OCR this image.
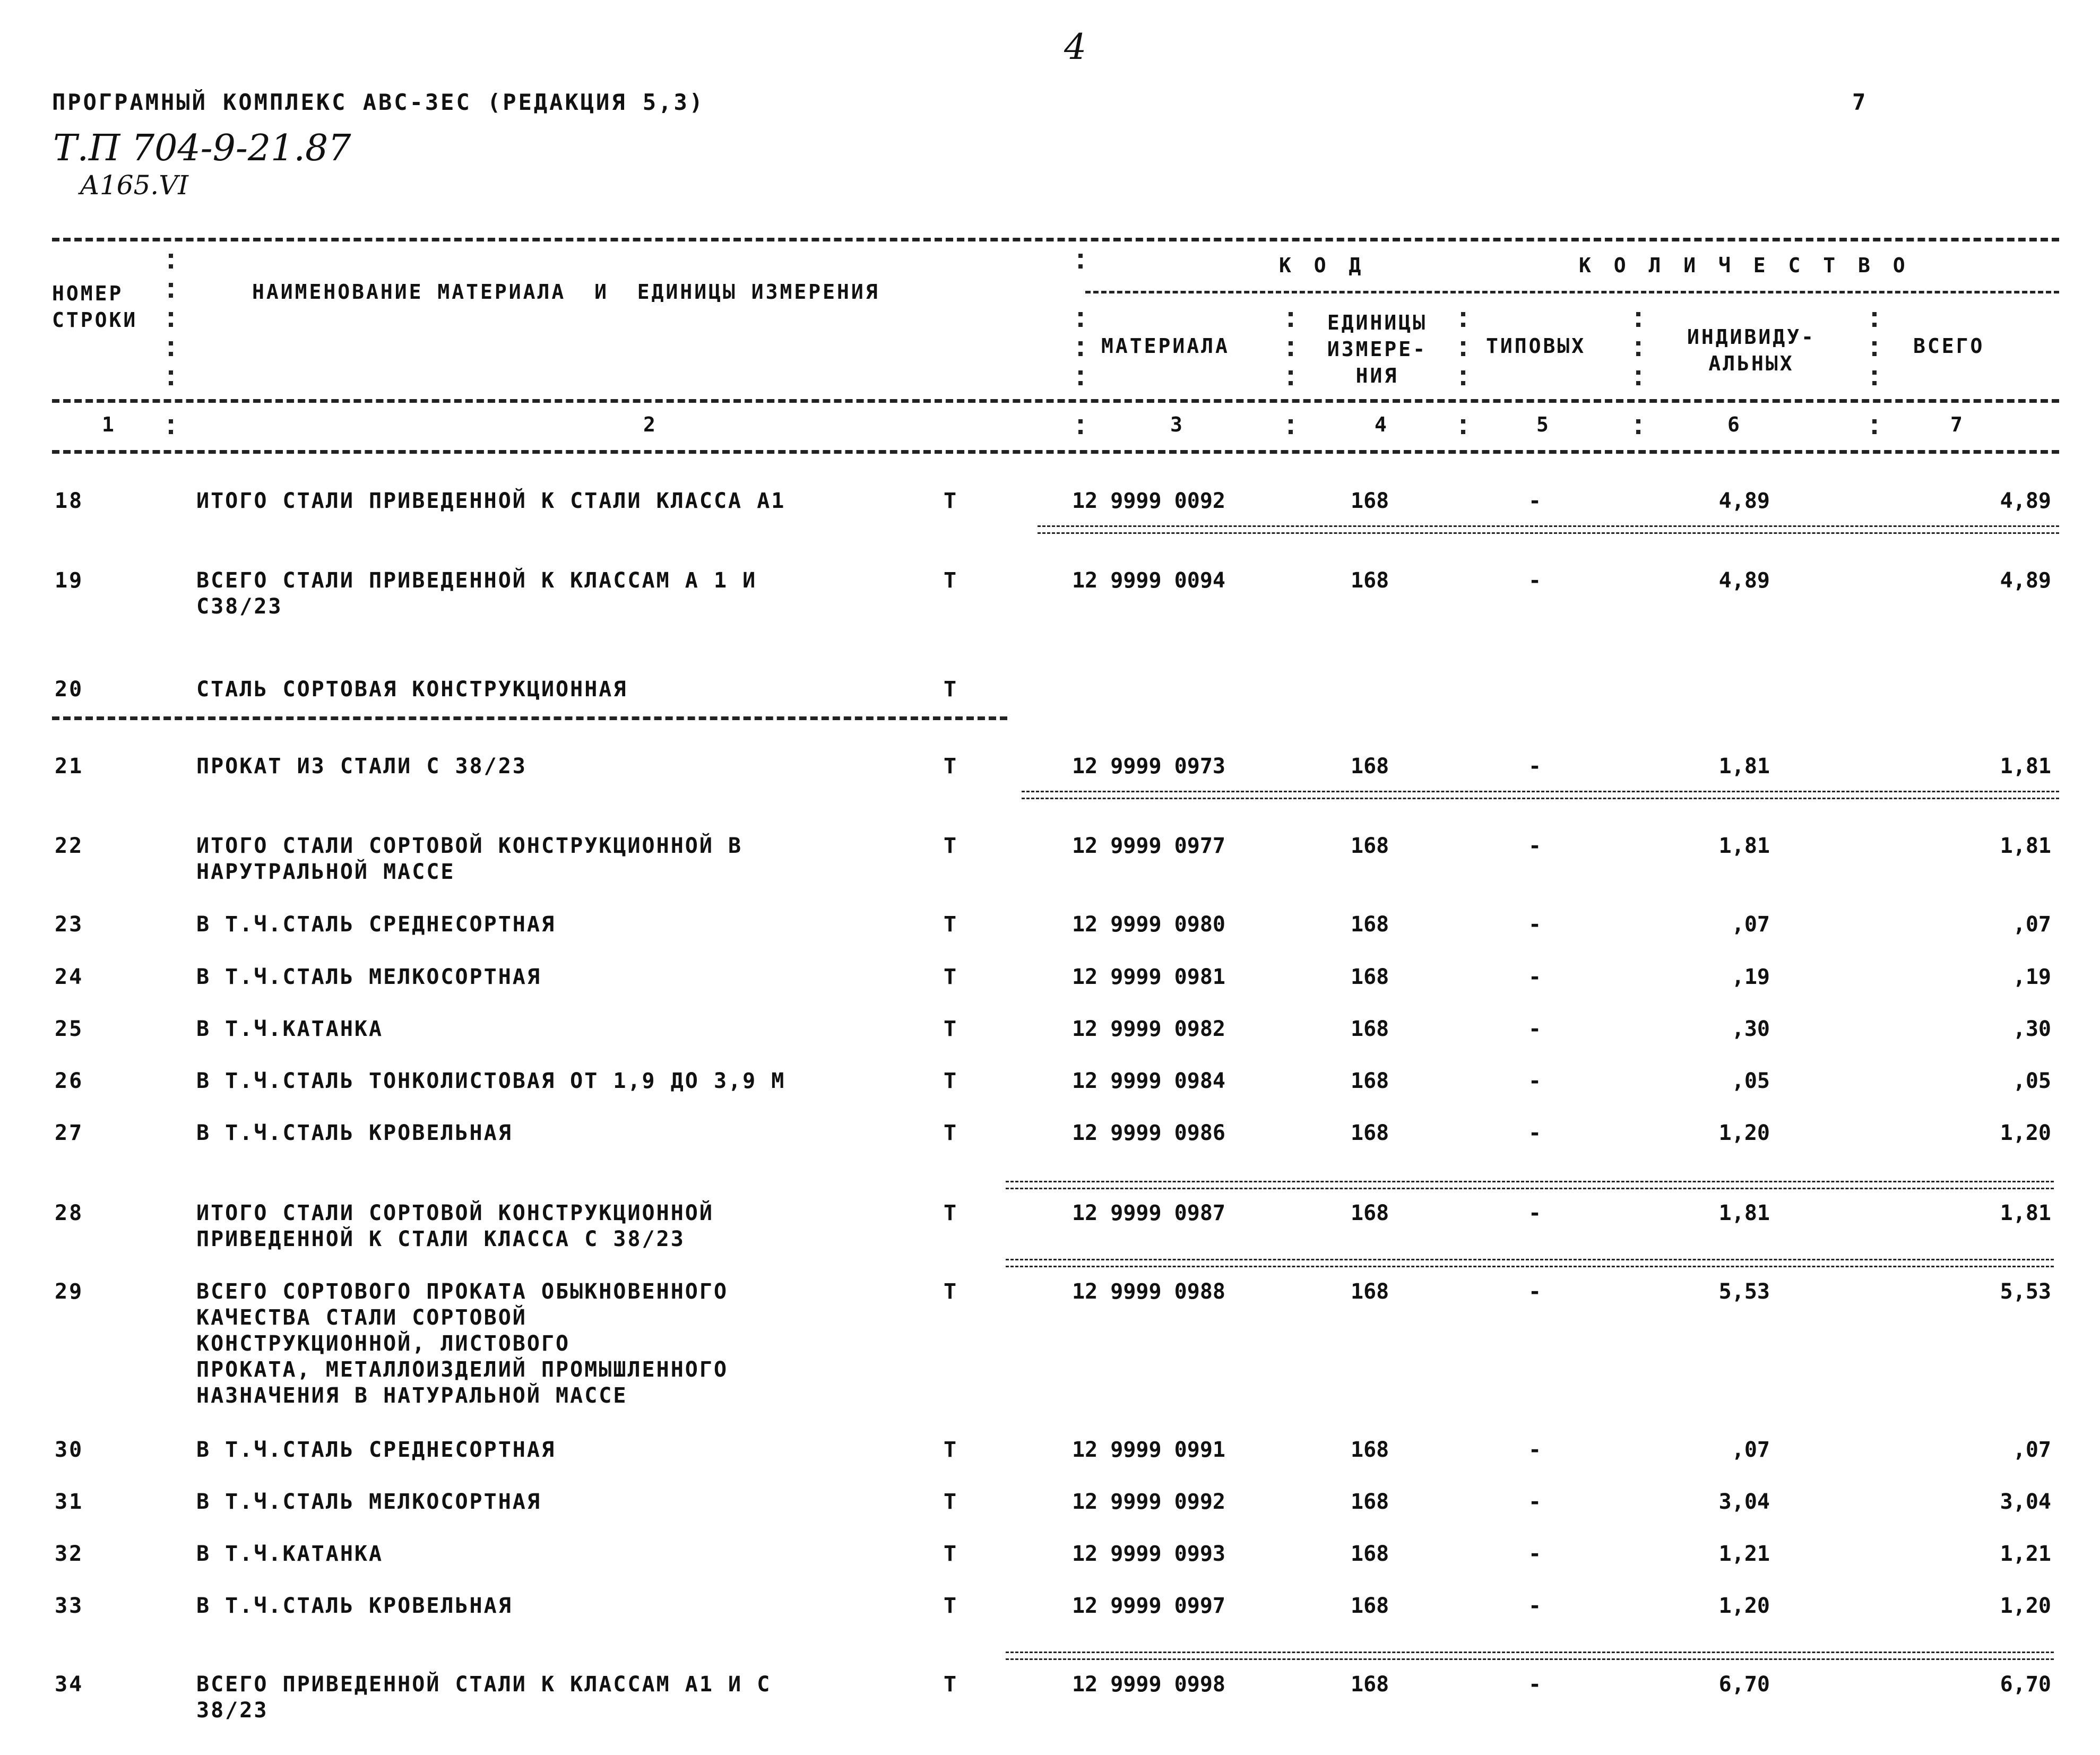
4
ПРОГРАМНЫЙ КОМПЛЕКС АВС-3ЕС (РЕДАКЦИЯ 5,3)	7
Т.П 704-9-21.87
А165.VI
НОМЕР СТРОКИ
НАИМЕНОВАНИЕ МАТЕРИАЛА  И  ЕДИНИЦЫ ИЗМЕРЕНИЯ
К О Д	К О Л И Ч Е С Т В О
МАТЕРИАЛА
ЕДИНИЦЫ ИЗМЕРЕ- НИЯ
ТИПОВЫХ	ИНДИВИДУ- АЛЬНЫХ
ВСЕГО
1	2	3	4	5	6	7
18	ИТОГО СТАЛИ ПРИВЕДЕННОЙ К СТАЛИ КЛАССА А1	Т	12 9999 0092	168	-	4,89	4,89
19	ВСЕГО СТАЛИ ПРИВЕДЕННОЙ К КЛАССАМ А 1 И
С38/23
Т	12 9999 0094	168	-	4,89	4,89
20	СТАЛЬ СОРТОВАЯ КОНСТРУКЦИОННАЯ	Т
21	ПРОКАТ ИЗ СТАЛИ С 38/23	Т	12 9999 0973	168	-	1,81	1,81
22	ИТОГО СТАЛИ СОРТОВОЙ КОНСТРУКЦИОННОЙ В
НАРУТРАЛЬНОЙ МАССЕ
Т	12 9999 0977	168	-	1,81	1,81
23	В Т.Ч.СТАЛЬ СРЕДНЕСОРТНАЯ	Т	12 9999 0980	168	-	,07	,07
24	В Т.Ч.СТАЛЬ МЕЛКОСОРТНАЯ	Т	12 9999 0981	168	-	,19	,19
25	В Т.Ч.КАТАНКА	Т	12 9999 0982	168	-	,30	,30
26	В Т.Ч.СТАЛЬ ТОНКОЛИСТОВАЯ ОТ 1,9 ДО 3,9 М	Т	12 9999 0984	168	-	,05	,05
27	В Т.Ч.СТАЛЬ КРОВЕЛЬНАЯ	Т	12 9999 0986	168	-	1,20	1,20
28	ИТОГО СТАЛИ СОРТОВОЙ КОНСТРУКЦИОННОЙ
ПРИВЕДЕННОЙ К СТАЛИ КЛАССА С 38/23
Т	12 9999 0987	168	-	1,81	1,81
29	ВСЕГО СОРТОВОГО ПРОКАТА ОБЫКНОВЕННОГО
КАЧЕСТВА СТАЛИ СОРТОВОЙ
КОНСТРУКЦИОННОЙ, ЛИСТОВОГО
ПРОКАТА, МЕТАЛЛОИЗДЕЛИЙ ПРОМЫШЛЕННОГО
НАЗНАЧЕНИЯ В НАТУРАЛЬНОЙ МАССЕ
Т	12 9999 0988	168	-	5,53	5,53
30	В Т.Ч.СТАЛЬ СРЕДНЕСОРТНАЯ	Т	12 9999 0991	168	-	,07	,07
31	В Т.Ч.СТАЛЬ МЕЛКОСОРТНАЯ	Т	12 9999 0992	168	-	3,04	3,04
32	В Т.Ч.КАТАНКА	Т	12 9999 0993	168	-	1,21	1,21
33	В Т.Ч.СТАЛЬ КРОВЕЛЬНАЯ	Т	12 9999 0997	168	-	1,20	1,20
34	ВСЕГО ПРИВЕДЕННОЙ СТАЛИ К КЛАССАМ А1 И С
38/23
Т	12 9999 0998	168	-	6,70	6,70
